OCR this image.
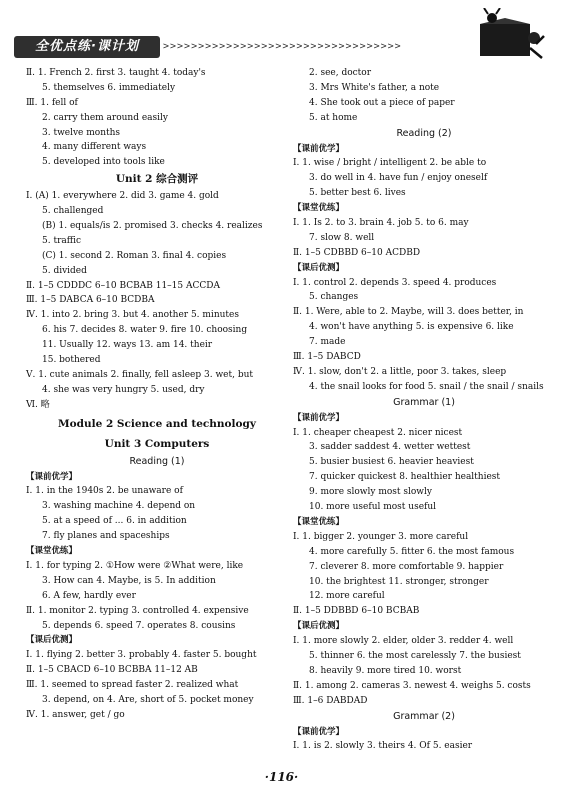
全优点练·课计划	>>>>>>>>>>>>>>>>>>>>>>>>>>>>>>>>>>
Ⅱ. 1. French 2. first 3. taught 4. today's
5. themselves 6. immediately
Ⅲ. 1. fell of
2. carry them around easily
3. twelve months
4. many different ways
5. developed into tools like
Unit 2 综合测评
Ⅰ. (A) 1. everywhere 2. did 3. game 4. gold
5. challenged
(B) 1. equals/is 2. promised 3. checks 4. realizes
5. traffic
(C) 1. second 2. Roman 3. final 4. copies
5. divided
Ⅱ. 1–5 CDDDC 6–10 BCBAB 11–15 ACCDA
Ⅲ. 1–5 DABCA 6–10 BCDBA
Ⅳ. 1. into 2. bring 3. but 4. another 5. minutes
6. his 7. decides 8. water 9. fire 10. choosing
11. Usually 12. ways 13. am 14. their
15. bothered
Ⅴ. 1. cute animals 2. finally, fell asleep 3. wet, but
4. she was very hungry 5. used, dry
Ⅵ. 略
Module 2 Science and technology
Unit 3 Computers
Reading (1)
【课前优学】
Ⅰ. 1. in the 1940s 2. be unaware of
3. washing machine 4. depend on
5. at a speed of ... 6. in addition
7. fly planes and spaceships
【课堂优练】
Ⅰ. 1. for typing 2. ①How were ②What were, like
3. How can 4. Maybe, is 5. In addition
6. A few, hardly ever
Ⅱ. 1. monitor 2. typing 3. controlled 4. expensive
5. depends 6. speed 7. operates 8. cousins
【课后优测】
Ⅰ. 1. flying 2. better 3. probably 4. faster 5. bought
Ⅱ. 1–5 CBACD 6–10 BCBBA 11–12 AB
Ⅲ. 1. seemed to spread faster 2. realized what
3. depend, on 4. Are, short of 5. pocket money
Ⅳ. 1. answer, get / go
2. see, doctor
3. Mrs White's father, a note
4. She took out a piece of paper
5. at home
Reading (2)
【课前优学】
Ⅰ. 1. wise / bright / intelligent 2. be able to
3. do well in 4. have fun / enjoy oneself
5. better best 6. lives
【课堂优练】
Ⅰ. 1. Is 2. to 3. brain 4. job 5. to 6. may
7. slow 8. well
Ⅱ. 1–5 CDBBD 6–10 ACDBD
【课后优测】
Ⅰ. 1. control 2. depends 3. speed 4. produces
5. changes
Ⅱ. 1. Were, able to 2. Maybe, will 3. does better, in
4. won't have anything 5. is expensive 6. like
7. made
Ⅲ. 1–5 DABCD
Ⅳ. 1. slow, don't 2. a little, poor 3. takes, sleep
4. the snail looks for food 5. snail / the snail / snails
Grammar (1)
【课前优学】
Ⅰ. 1. cheaper cheapest 2. nicer nicest
3. sadder saddest 4. wetter wettest
5. busier busiest 6. heavier heaviest
7. quicker quickest 8. healthier healthiest
9. more slowly most slowly
10. more useful most useful
【课堂优练】
Ⅰ. 1. bigger 2. younger 3. more careful
4. more carefully 5. fitter 6. the most famous
7. cleverer 8. more comfortable 9. happier
10. the brightest 11. stronger, stronger
12. more careful
Ⅱ. 1–5 DDBBD 6–10 BCBAB
【课后优测】
Ⅰ. 1. more slowly 2. elder, older 3. redder 4. well
5. thinner 6. the most carelessly 7. the busiest
8. heavily 9. more tired 10. worst
Ⅱ. 1. among 2. cameras 3. newest 4. weighs 5. costs
Ⅲ. 1–6 DABDAD
Grammar (2)
【课前优学】
Ⅰ. 1. is 2. slowly 3. theirs 4. Of 5. easier
·116·
